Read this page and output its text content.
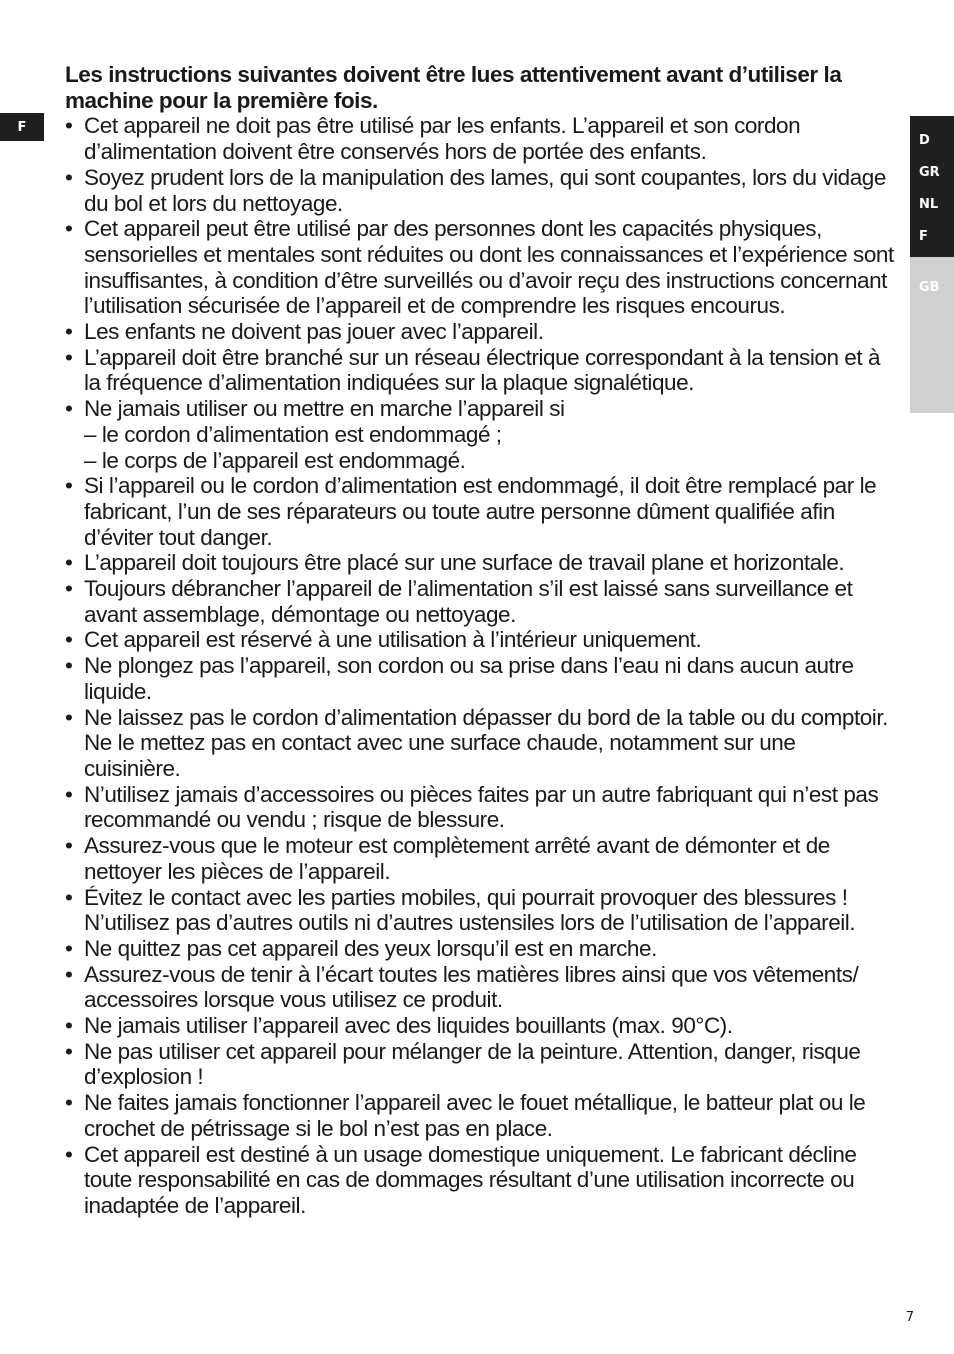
F
D
GR
NL
F
GB
Les instructions suivantes doivent être lues attentivement avant d’utiliser la machine pour la première fois.
• Cet appareil ne doit pas être utilisé par les enfants. L’appareil et son cordon d’alimentation doivent être conservés hors de portée des enfants.
• Soyez prudent lors de la manipulation des lames, qui sont coupantes, lors du vidage du bol et lors du nettoyage.
• Cet appareil peut être utilisé par des personnes dont les capacités physiques, sensorielles et mentales sont réduites ou dont les connaissances et l’expérience sont insuffisantes, à condition d’être surveillés ou d’avoir reçu des instructions concernant l’utilisation sécurisée de l’appareil et de comprendre les risques encourus.
• Les enfants ne doivent pas jouer avec l’appareil.
• L’appareil doit être branché sur un réseau électrique correspondant à la tension et à la fréquence d’alimentation indiquées sur la plaque signalétique.
• Ne jamais utiliser ou mettre en marche l’appareil si
– le cordon d’alimentation est endommagé ;
– le corps de l’appareil est endommagé.
• Si l’appareil ou le cordon d’alimentation est endommagé, il doit être remplacé par le fabricant, l’un de ses réparateurs ou toute autre personne dûment qualifiée afin d’éviter tout danger.
• L’appareil doit toujours être placé sur une surface de travail plane et horizontale.
• Toujours débrancher l’appareil de l’alimentation s’il est laissé sans surveillance et avant assemblage, démontage ou nettoyage.
• Cet appareil est réservé à une utilisation à l’intérieur uniquement.
• Ne plongez pas l’appareil, son cordon ou sa prise dans l’eau ni dans aucun autre liquide.
• Ne laissez pas le cordon d’alimentation dépasser du bord de la table ou du comptoir. Ne le mettez pas en contact avec une surface chaude, notamment sur une cuisinière.
• N’utilisez jamais d’accessoires ou pièces faites par un autre fabriquant qui n’est pas recommandé ou vendu ; risque de blessure.
• Assurez-vous que le moteur est complètement arrêté avant de démonter et de nettoyer les pièces de l’appareil.
• Évitez le contact avec les parties mobiles, qui pourrait provoquer des blessures ! N’utilisez pas d’autres outils ni d’autres ustensiles lors de l’utilisation de l’appareil.
• Ne quittez pas cet appareil des yeux lorsqu’il est en marche.
• Assurez-vous de tenir à l’écart toutes les matières libres ainsi que vos vêtements/ accessoires lorsque vous utilisez ce produit.
• Ne jamais utiliser l’appareil avec des liquides bouillants (max. 90°C).
• Ne pas utiliser cet appareil pour mélanger de la peinture. Attention, danger, risque d’explosion !
• Ne faites jamais fonctionner l’appareil avec le fouet métallique, le batteur plat ou le crochet de pétrissage si le bol n’est pas en place.
• Cet appareil est destiné à un usage domestique uniquement. Le fabricant décline toute responsabilité en cas de dommages résultant d’une utilisation incorrecte ou inadaptée de l’appareil.
7
